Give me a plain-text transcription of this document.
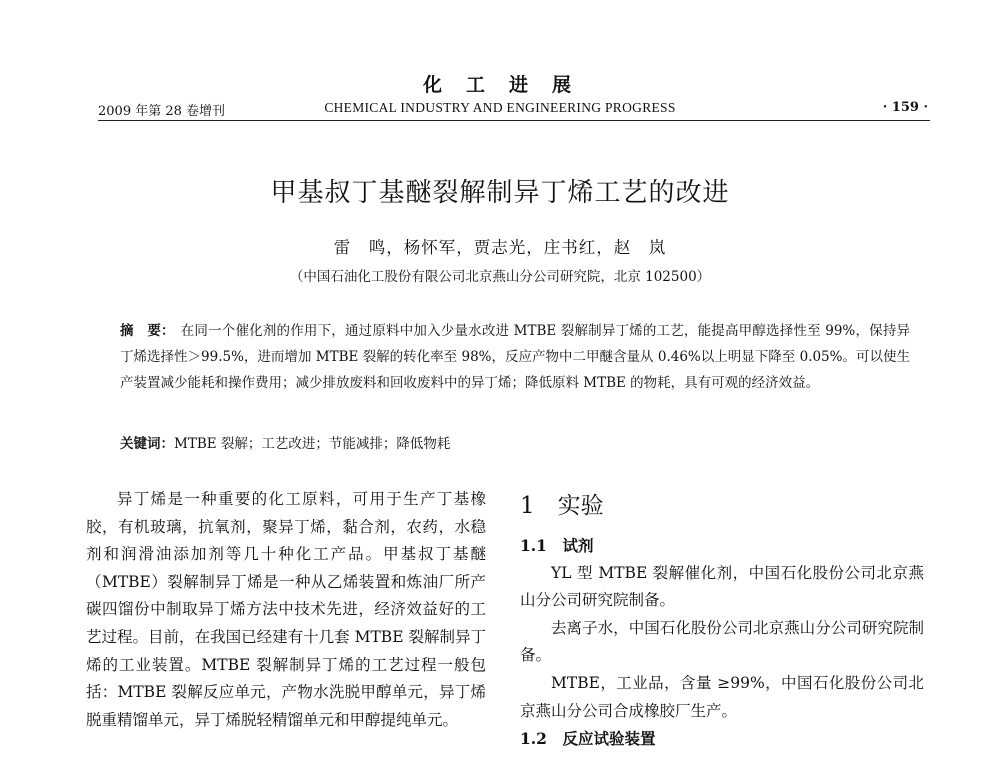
化工进展
2009 年第 28 卷增刊	CHEMICAL INDUSTRY AND ENGINEERING PROGRESS	· 159 ·
甲基叔丁基醚裂解制异丁烯工艺的改进
雷　鸣，杨怀军，贾志光，庄书红，赵　岚
（中国石油化工股份有限公司北京燕山分公司研究院，北京 102500）
摘　要： 在同一个催化剂的作用下，通过原料中加入少量水改进 MTBE 裂解制异丁烯的工艺，能提高甲醇选择性至 99%，保持异丁烯选择性＞99.5%，进而增加 MTBE 裂解的转化率至 98%，反应产物中二甲醚含量从 0.46%以上明显下降至 0.05%。可以使生产装置减少能耗和操作费用；减少排放废料和回收废料中的异丁烯；降低原料 MTBE 的物耗，具有可观的经济效益。
关键词：MTBE 裂解；工艺改进；节能减排；降低物耗
异丁烯是一种重要的化工原料，可用于生产丁基橡胶，有机玻璃，抗氧剂，聚异丁烯，黏合剂，农药，水稳剂和润滑油添加剂等几十种化工产品。甲基叔丁基醚（MTBE）裂解制异丁烯是一种从乙烯装置和炼油厂所产碳四馏份中制取异丁烯方法中技术先进，经济效益好的工艺过程。目前，在我国已经建有十几套 MTBE 裂解制异丁烯的工业装置。MTBE 裂解制异丁烯的工艺过程一般包括：MTBE 裂解反应单元，产物水洗脱甲醇单元，异丁烯脱重精馏单元，异丁烯脱轻精馏单元和甲醇提纯单元。
1　实验
1.1　试剂
YL 型 MTBE 裂解催化剂，中国石化股份公司北京燕山分公司研究院制备。
去离子水，中国石化股份公司北京燕山分公司研究院制备。
MTBE，工业品，含量 ≥99%，中国石化股份公司北京燕山分公司合成橡胶厂生产。
1.2　反应试验装置
